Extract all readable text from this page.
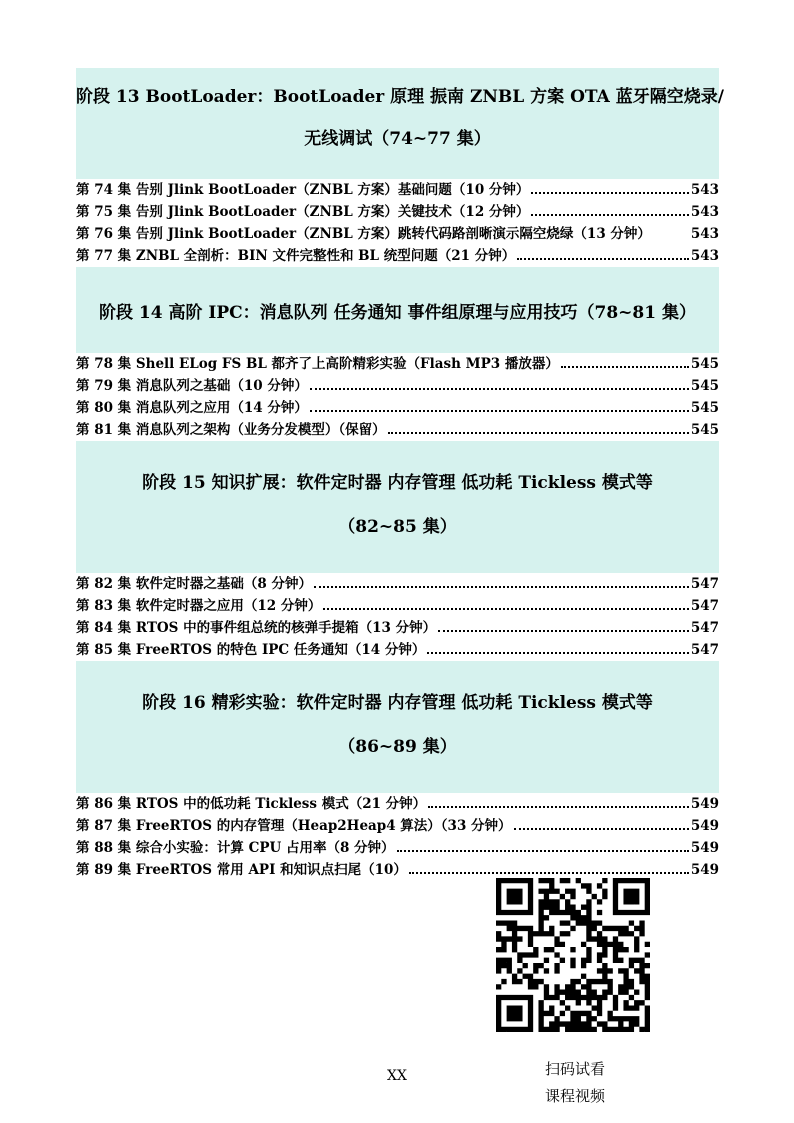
阶段 13 BootLoader：BootLoader 原理 振南 ZNBL 方案 OTA 蓝牙隔空烧录/
无线调试（74~77 集）
第 74 集 告别 Jlink BootLoader（ZNBL 方案）基础问题（10 分钟）	543
第 75 集 告别 Jlink BootLoader（ZNBL 方案）关键技术（12 分钟）	543
第 76 集 告别 Jlink BootLoader（ZNBL 方案）跳转代码路剖晰演示隔空烧绿（13 分钟）	543
第 77 集 ZNBL 全剖析：BIN 文件完整性和 BL 统型问题（21 分钟）	543
阶段 14 高阶 IPC：消息队列 任务通知 事件组原理与应用技巧（78~81 集）
第 78 集 Shell ELog FS BL 都齐了上高阶精彩实验（Flash MP3 播放器）	545
第 79 集 消息队列之基础（10 分钟）	545
第 80 集 消息队列之应用（14 分钟）	545
第 81 集 消息队列之架构（业务分发模型）（保留）	545
阶段 15 知识扩展：软件定时器 内存管理 低功耗 Tickless 模式等
（82~85 集）
第 82 集 软件定时器之基础（8 分钟）	547
第 83 集 软件定时器之应用（12 分钟）	547
第 84 集 RTOS 中的事件组总统的核弹手提箱（13 分钟）	547
第 85 集 FreeRTOS 的特色 IPC 任务通知（14 分钟）	547
阶段 16 精彩实验：软件定时器 内存管理 低功耗 Tickless 模式等
（86~89 集）
第 86 集 RTOS 中的低功耗 Tickless 模式（21 分钟）	549
第 87 集 FreeRTOS 的内存管理（Heap2Heap4 算法）（33 分钟）	549
第 88 集 综合小实验：计算 CPU 占用率（8 分钟）	549
第 89 集 FreeRTOS 常用 API 和知识点扫尾（10）	549
扫码试看
课程视频
XX
